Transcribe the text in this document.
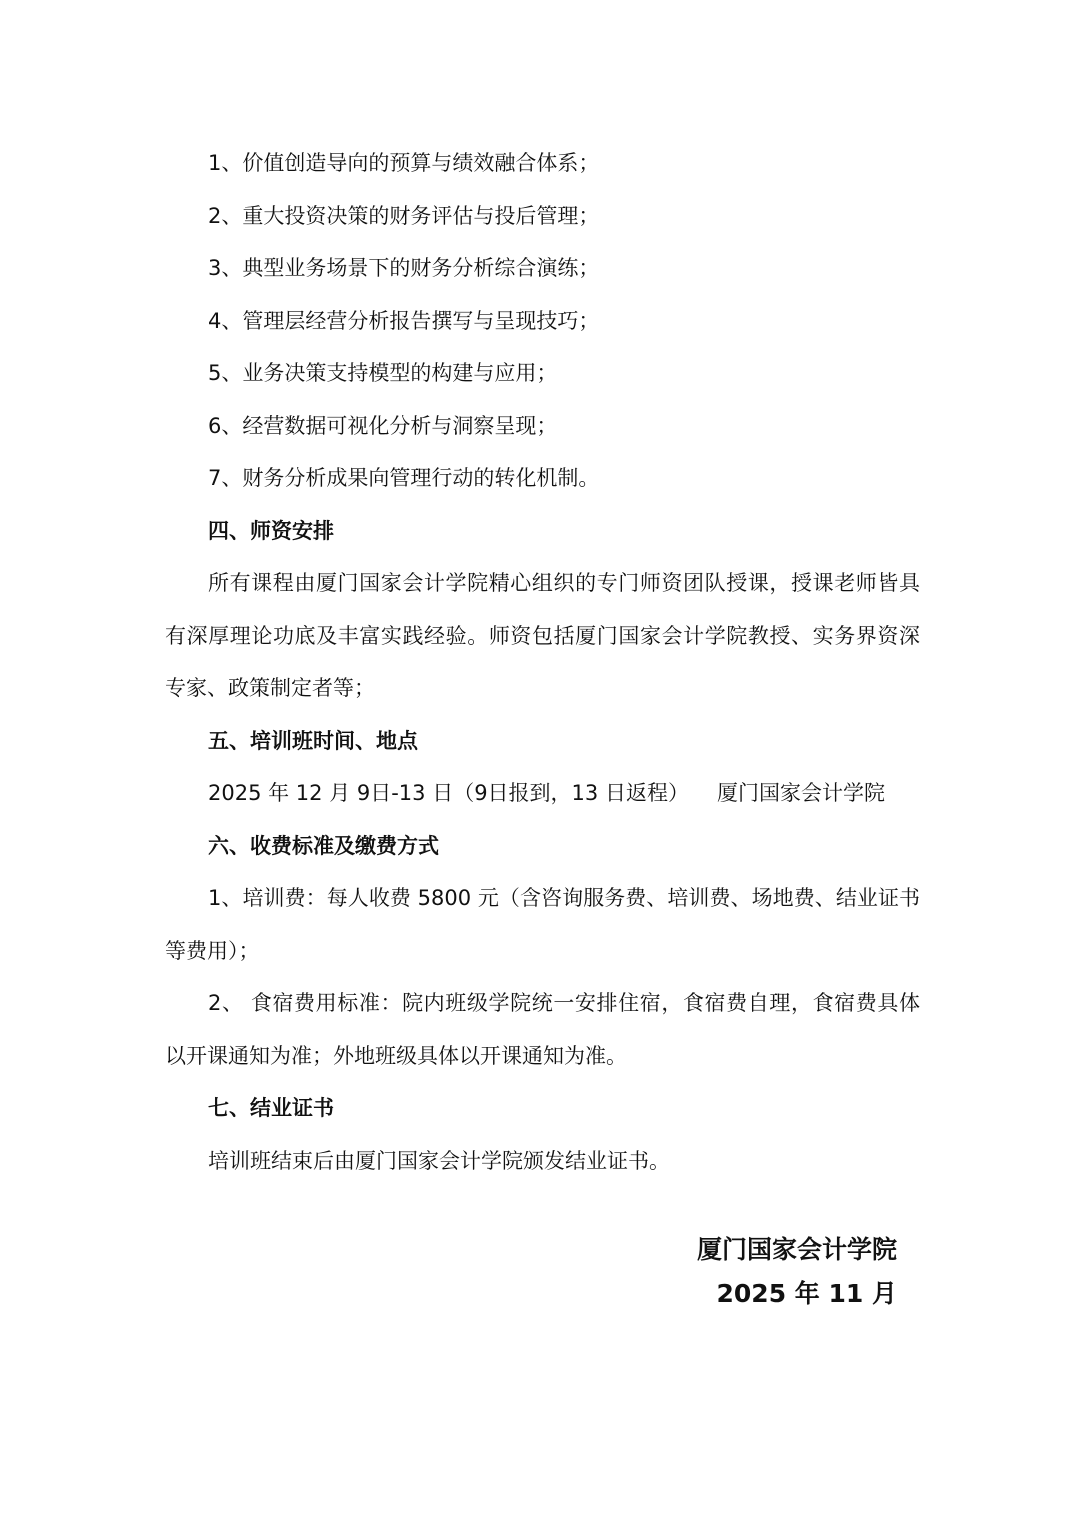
1、价值创造导向的预算与绩效融合体系；
2、重大投资决策的财务评估与投后管理；
3、典型业务场景下的财务分析综合演练；
4、管理层经营分析报告撰写与呈现技巧；
5、业务决策支持模型的构建与应用；
6、经营数据可视化分析与洞察呈现；
7、财务分析成果向管理行动的转化机制。
四、师资安排
所有课程由厦门国家会计学院精心组织的专门师资团队授课，授课老师皆具有深厚理论功底及丰富实践经验。师资包括厦门国家会计学院教授、实务界资深专家、政策制定者等；
五、培训班时间、地点
2025 年 12 月 9日-13 日（9日报到，13 日返程） 厦门国家会计学院
六、收费标准及缴费方式
1、培训费：每人收费 5800 元（含咨询服务费、培训费、场地费、结业证书等费用）；
2、 食宿费用标准：院内班级学院统一安排住宿，食宿费自理，食宿费具体以开课通知为准；外地班级具体以开课通知为准。
七、结业证书
培训班结束后由厦门国家会计学院颁发结业证书。
厦门国家会计学院
2025 年 11 月
